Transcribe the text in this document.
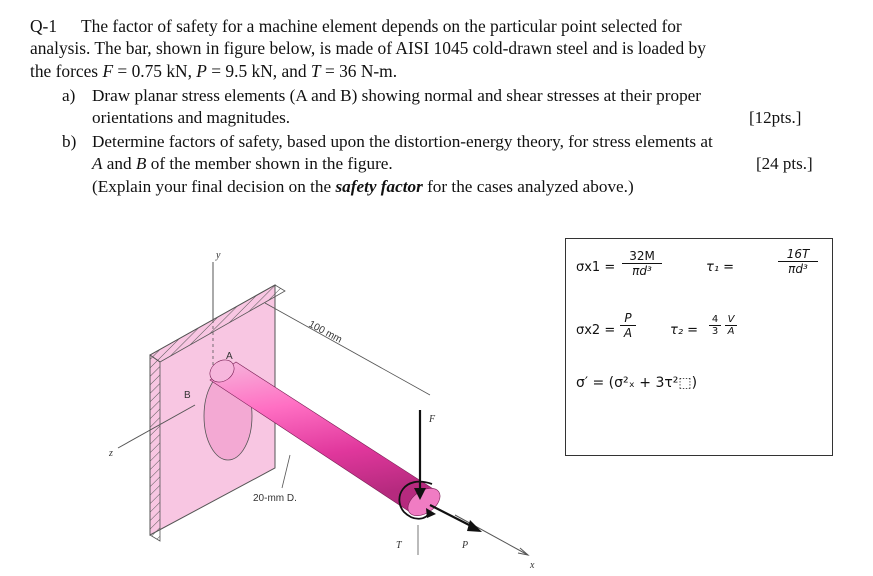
Q-1 The factor of safety for a machine element depends on the particular point selected for
analysis. The bar, shown in figure below, is made of AISI 1045 cold-drawn steel and is loaded by
the forces F = 0.75 kN, P = 9.5 kN, and T = 36 N-m.
a) Draw planar stress elements (A and B) showing normal and shear stresses at their proper
orientations and magnitudes.	[12pts.]
b) Determine factors of safety, based upon the distortion-energy theory, for stress elements at
A and B of the member shown in the figure.	[24 pts.]
(Explain your final decision on the safety factor for the cases analyzed above.)
y
z
x
A
B
F
T	P
100 mm
20-mm D.
$\sigma x1 = \frac{32M}{\text{πd³}}$	τ₁ =	$\frac{16T}{\text{πd³}}$
$\sigma x2 = \frac{P}{A}$	$\tau_2 = \frac{4}{3} \frac{V}{A}$
σ′ = (σ²ₓ + 3τ²⬚)
